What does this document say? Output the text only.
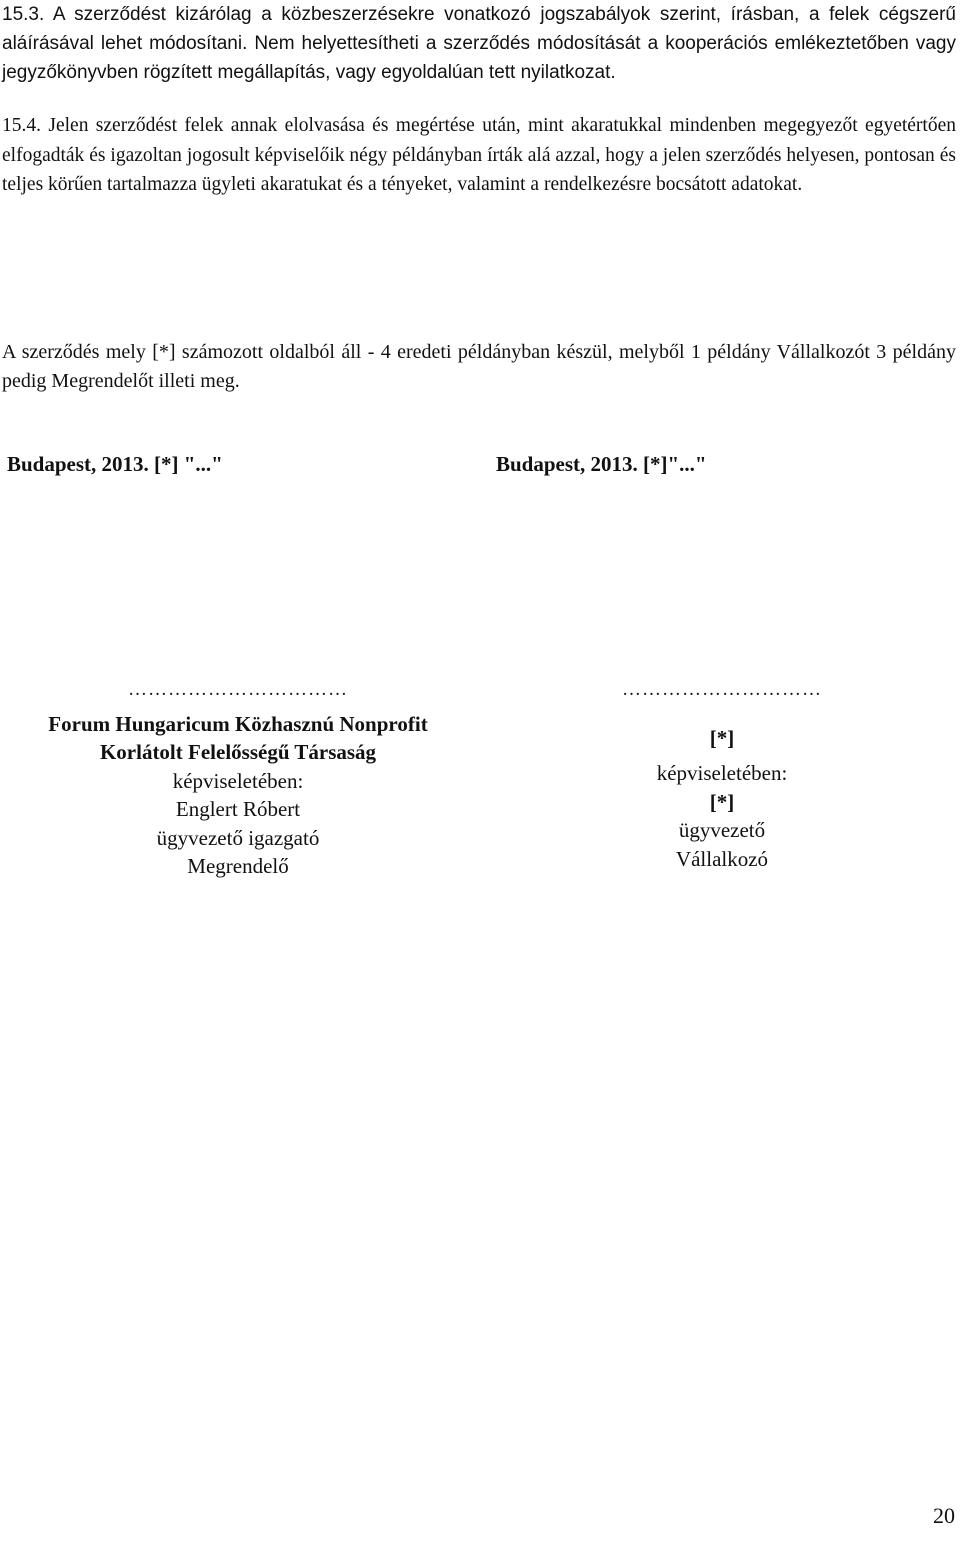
15.3. A szerződést kizárólag a közbeszerzésekre vonatkozó jogszabályok szerint, írásban, a felek cégszerű aláírásával lehet módosítani. Nem helyettesítheti a szerződés módosítását a kooperációs emlékeztetőben vagy jegyzőkönyvben rögzített megállapítás, vagy egyoldalúan tett nyilatkozat.
15.4. Jelen szerződést felek annak elolvasása és megértése után, mint akaratukkal mindenben megegyezőt egyetértően elfogadták és igazoltan jogosult képviselőik négy példányban írták alá azzal, hogy a jelen szerződés helyesen, pontosan és teljes körűen tartalmazza ügyleti akaratukat és a tényeket, valamint a rendelkezésre bocsátott adatokat.
A szerződés mely [*] számozott oldalból áll - 4 eredeti példányban készül, melyből 1 példány Vállalkozót 3 példány pedig Megrendelőt illeti meg.
Budapest, 2013. [*] "..."	Budapest, 2013. [*]"..."
……………………………
Forum Hungaricum Közhasznú Nonprofit
Korlátolt Felelősségű Társaság
képviseletében:
Englert Róbert
ügyvezető igazgató
Megrendelő
…………………………
[*]
képviseletében:
[*]
ügyvezető
Vállalkozó
20
